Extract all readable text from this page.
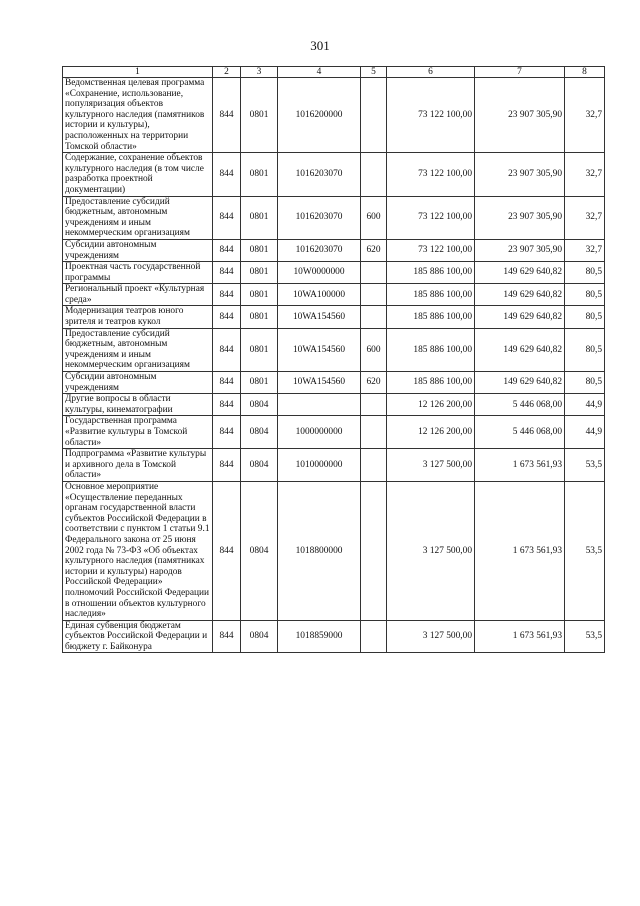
301
1	2	3	4	5	6	7	8
Ведомственная целевая программа «Сохранение, использование, популяризация объектов культурного наследия (памятников истории и культуры), расположенных на территории Томской области»	844	0801	1016200000		73 122 100,00	23 907 305,90	32,7
Содержание, сохранение объектов культурного наследия (в том числе разработка проектной документации)	844	0801	1016203070		73 122 100,00	23 907 305,90	32,7
Предоставление субсидий бюджетным, автономным учреждениям и иным некоммерческим организациям	844	0801	1016203070	600	73 122 100,00	23 907 305,90	32,7
Субсидии автономным учреждениям	844	0801	1016203070	620	73 122 100,00	23 907 305,90	32,7
Проектная часть государственной программы	844	0801	10W0000000		185 886 100,00	149 629 640,82	80,5
Региональный проект «Культурная среда»	844	0801	10WA100000		185 886 100,00	149 629 640,82	80,5
Модернизация театров юного зрителя и театров кукол	844	0801	10WA154560		185 886 100,00	149 629 640,82	80,5
Предоставление субсидий бюджетным, автономным учреждениям и иным некоммерческим организациям	844	0801	10WA154560	600	185 886 100,00	149 629 640,82	80,5
Субсидии автономным учреждениям	844	0801	10WA154560	620	185 886 100,00	149 629 640,82	80,5
Другие вопросы в области культуры, кинематографии	844	0804			12 126 200,00	5 446 068,00	44,9
Государственная программа «Развитие культуры в Томской области»	844	0804	1000000000		12 126 200,00	5 446 068,00	44,9
Подпрограмма «Развитие культуры и архивного дела в Томской области»	844	0804	1010000000		3 127 500,00	1 673 561,93	53,5
Основное мероприятие «Осуществление переданных органам государственной власти субъектов Российской Федерации в соответствии с пунктом 1 статьи 9.1 Федерального закона от 25 июня 2002 года № 73-ФЗ «Об объектах культурного наследия (памятниках истории и культуры) народов Российской Федерации» полномочий Российской Федерации в отношении объектов культурного наследия»	844	0804	1018800000		3 127 500,00	1 673 561,93	53,5
Единая субвенция бюджетам субъектов Российской Федерации и бюджету г. Байконура	844	0804	1018859000		3 127 500,00	1 673 561,93	53,5
